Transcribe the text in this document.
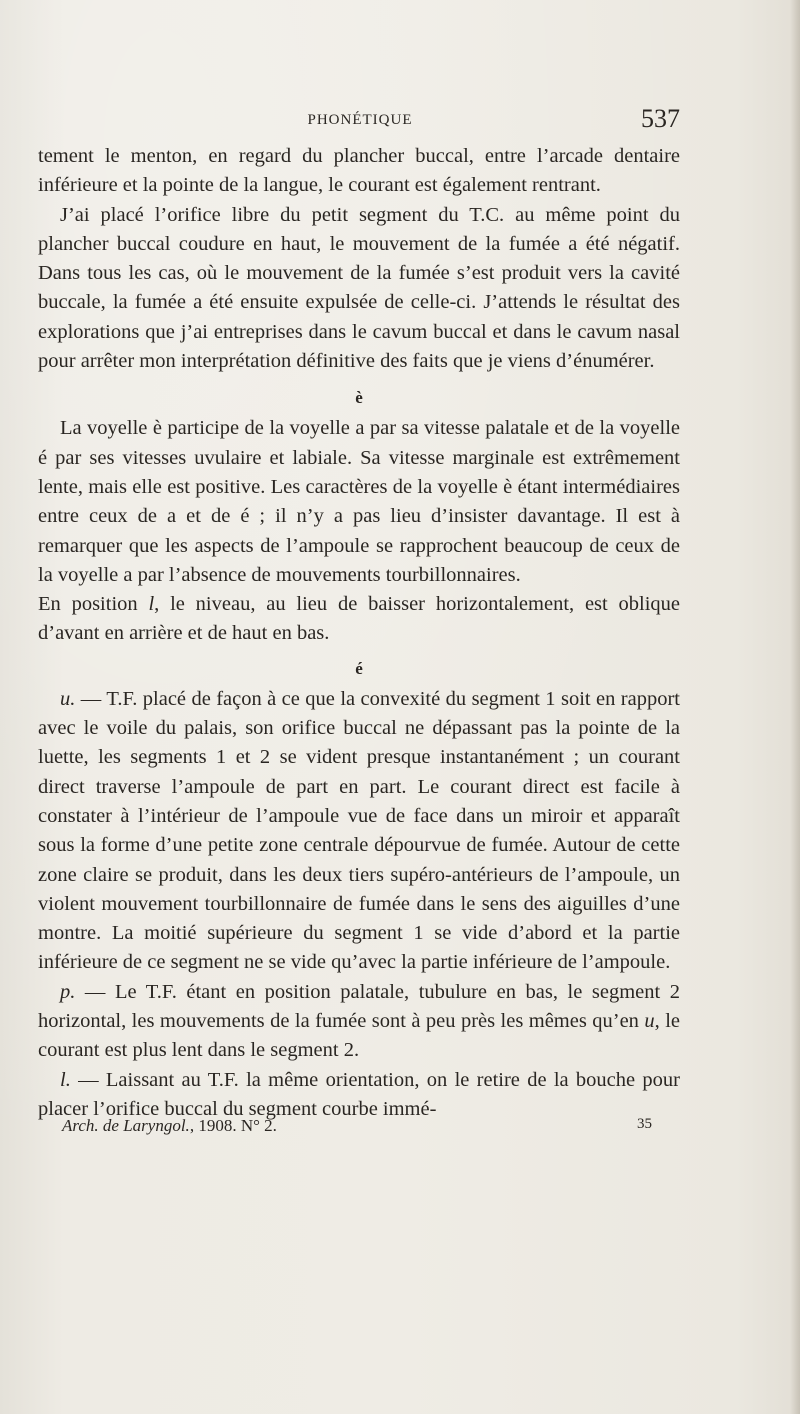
PHONÉTIQUE	537

tement le menton, en regard du plancher buccal, entre l’arcade dentaire inférieure et la pointe de la langue, le courant est également rentrant.

J’ai placé l’orifice libre du petit segment du T.C. au même point du plancher buccal coudure en haut, le mouvement de la fumée a été négatif. Dans tous les cas, où le mouvement de la fumée s’est produit vers la cavité buccale, la fumée a été ensuite expulsée de celle-ci. J’attends le résultat des explorations que j’ai entreprises dans le cavum buccal et dans le cavum nasal pour arrêter mon interprétation définitive des faits que je viens d’énumérer.

è

La voyelle è participe de la voyelle a par sa vitesse palatale et de la voyelle é par ses vitesses uvulaire et labiale. Sa vitesse marginale est extrêmement lente, mais elle est positive. Les caractères de la voyelle è étant intermédiaires entre ceux de a et de é ; il n’y a pas lieu d’insister davantage. Il est à remarquer que les aspects de l’ampoule se rapprochent beaucoup de ceux de la voyelle a par l’absence de mouvements tourbillonnaires.

En position l, le niveau, au lieu de baisser horizontalement, est oblique d’avant en arrière et de haut en bas.

é

u. — T.F. placé de façon à ce que la convexité du segment 1 soit en rapport avec le voile du palais, son orifice buccal ne dépassant pas la pointe de la luette, les segments 1 et 2 se vident presque instantanément ; un courant direct traverse l’ampoule de part en part. Le courant direct est facile à constater à l’intérieur de l’ampoule vue de face dans un miroir et apparaît sous la forme d’une petite zone centrale dépourvue de fumée. Autour de cette zone claire se produit, dans les deux tiers supéro-antérieurs de l’ampoule, un violent mouvement tourbillonnaire de fumée dans le sens des aiguilles d’une montre. La moitié supérieure du segment 1 se vide d’abord et la partie inférieure de ce segment ne se vide qu’avec la partie inférieure de l’ampoule.

p. — Le T.F. étant en position palatale, tubulure en bas, le segment 2 horizontal, les mouvements de la fumée sont à peu près les mêmes qu’en u, le courant est plus lent dans le segment 2.

l. — Laissant au T.F. la même orientation, on le retire de la bouche pour placer l’orifice buccal du segment courbe immé-

Arch. de Laryngol., 1908. N° 2.	35
